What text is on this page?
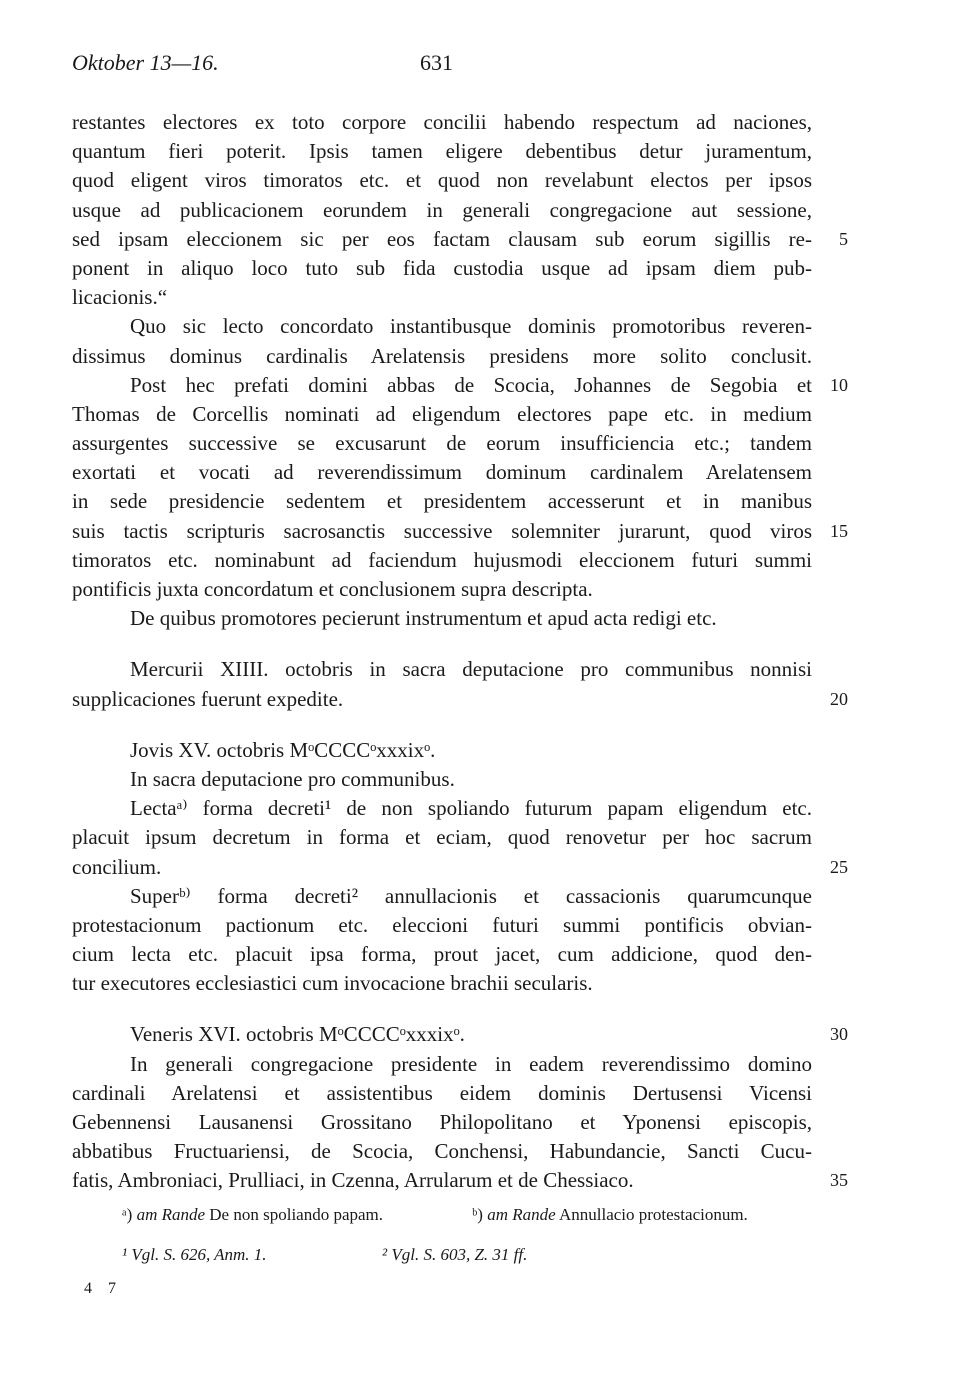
Oktober 13—16.	631
restantes electores ex toto corpore concilii habendo respectum ad naciones,
quantum fieri poterit. Ipsis tamen eligere debentibus detur juramentum,
quod eligent viros timoratos etc. et quod non revelabunt electos per ipsos
usque ad publicacionem eorundem in generali congregacione aut sessione,
sed ipsam eleccionem sic per eos factam clausam sub eorum sigillis re-	5
ponent in aliquo loco tuto sub fida custodia usque ad ipsam diem pub-
licacionis.“
Quo sic lecto concordato instantibusque dominis promotoribus reveren-
dissimus dominus cardinalis Arelatensis presidens more solito conclusit.
Post hec prefati domini abbas de Scocia, Johannes de Segobia et	10
Thomas de Corcellis nominati ad eligendum electores pape etc. in medium
assurgentes successive se excusarunt de eorum insufficiencia etc.; tandem
exortati et vocati ad reverendissimum dominum cardinalem Arelatensem
in sede presidencie sedentem et presidentem accesserunt et in manibus
suis tactis scripturis sacrosanctis successive solemniter jurarunt, quod viros	15
timoratos etc. nominabunt ad faciendum hujusmodi eleccionem futuri summi
pontificis juxta concordatum et conclusionem supra descripta.
De quibus promotores pecierunt instrumentum et apud acta redigi etc.
Mercurii XIIII. octobris in sacra deputacione pro communibus nonnisi
supplicaciones fuerunt expedite.	20
Jovis XV. octobris MᵒCCCCᵒxxxixᵒ.
In sacra deputacione pro communibus.
Lectaᵃ⁾ forma decreti¹ de non spoliando futurum papam eligendum etc.
placuit ipsum decretum in forma et eciam, quod renovetur per hoc sacrum
concilium.	25
Superᵇ⁾ forma decreti² annullacionis et cassacionis quarumcunque
protestacionum pactionum etc. eleccioni futuri summi pontificis obvian-
cium lecta etc. placuit ipsa forma, prout jacet, cum addicione, quod den-
tur executores ecclesiastici cum invocacione brachii secularis.
Veneris XVI. octobris MᵒCCCCᵒxxxixᵒ.	30
In generali congregacione presidente in eadem reverendissimo domino
cardinali Arelatensi et assistentibus eidem dominis Dertusensi Vicensi
Gebennensi Lausanensi Grossitano Philopolitano et Yponensi episcopis,
abbatibus Fructuariensi, de Scocia, Conchensi, Habundancie, Sancti Cucu-
fatis, Ambroniaci, Prulliaci, in Czenna, Arrularum et de Chessiaco.	35
ᵃ) am Rande De non spoliando papam.	ᵇ) am Rande Annullacio protestacionum.
¹ Vgl. S. 626, Anm. 1.	² Vgl. S. 603, Z. 31 ff.
4 7
